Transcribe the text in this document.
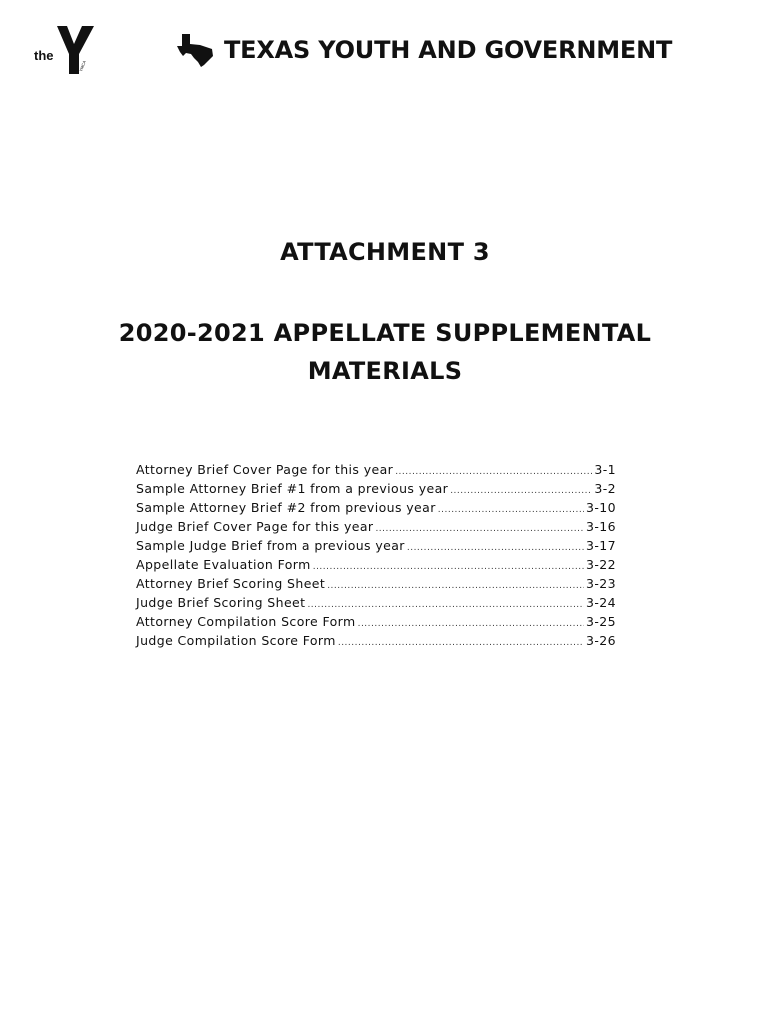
the
YMCA
TEXAS YOUTH AND GOVERNMENT
ATTACHMENT 3
2020-2021 APPELLATE SUPPLEMENTAL MATERIALS
Attorney Brief Cover Page for this year .....	3-1
Sample Attorney Brief #1 from a previous year .....	3-2
Sample Attorney Brief #2 from previous year .....	3-10
Judge Brief Cover Page for this year .....	3-16
Sample Judge Brief from a previous year .....	3-17
Appellate Evaluation Form .....	3-22
Attorney Brief Scoring Sheet .....	3-23
Judge Brief Scoring Sheet .....	3-24
Attorney Compilation Score Form .....	3-25
Judge Compilation Score Form .....	3-26
